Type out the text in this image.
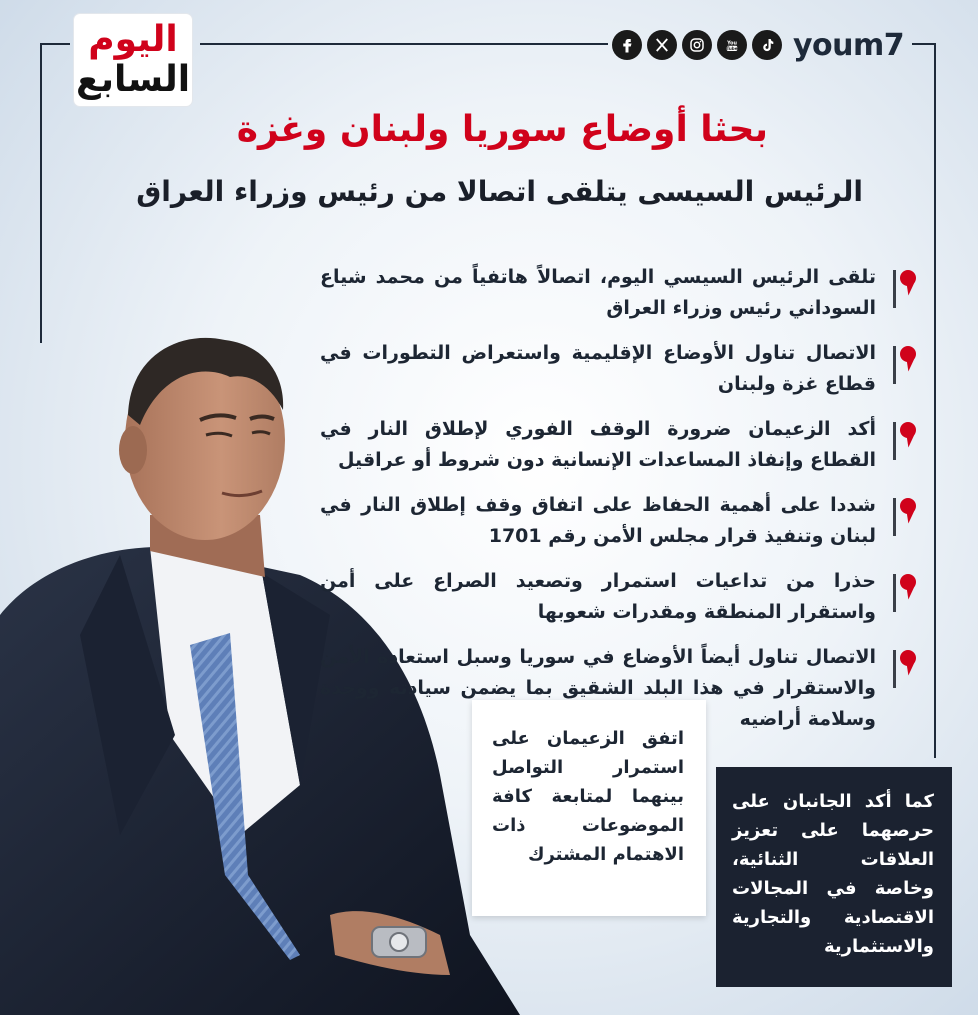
اليوم
السابع
You
Tube youm7
بحثا أوضاع سوريا ولبنان وغزة
الرئيس السيسى يتلقى اتصالا من رئيس وزراء العراق
تلقى الرئيس السيسي اليوم، اتصالاً هاتفياً من محمد شياع السوداني رئيس وزراء العراق
الاتصال تناول الأوضاع الإقليمية واستعراض التطورات في قطاع غزة ولبنان
أكد الزعيمان ضرورة الوقف الفوري لإطلاق النار في القطاع وإنفاذ المساعدات الإنسانية دون شروط أو عراقيل
شددا على أهمية الحفاظ على اتفاق وقف إطلاق النار في لبنان وتنفيذ قرار مجلس الأمن رقم 1701
حذرا من تداعيات استمرار وتصعيد الصراع على أمن واستقرار المنطقة ومقدرات شعوبها
الاتصال تناول أيضاً الأوضاع في سوريا وسبل استعادة الأمن والاستقرار في هذا البلد الشقيق بما يضمن سيادته ووحدة وسلامة أراضيه

اتفق الزعيمان على استمرار التواصل بينهما لمتابعة كافة الموضوعات ذات الاهتمام المشترك

كما أكد الجانبان على حرصهما على تعزيز العلاقات الثنائية، وخاصة في المجالات الاقتصادية والتجارية والاستثمارية
